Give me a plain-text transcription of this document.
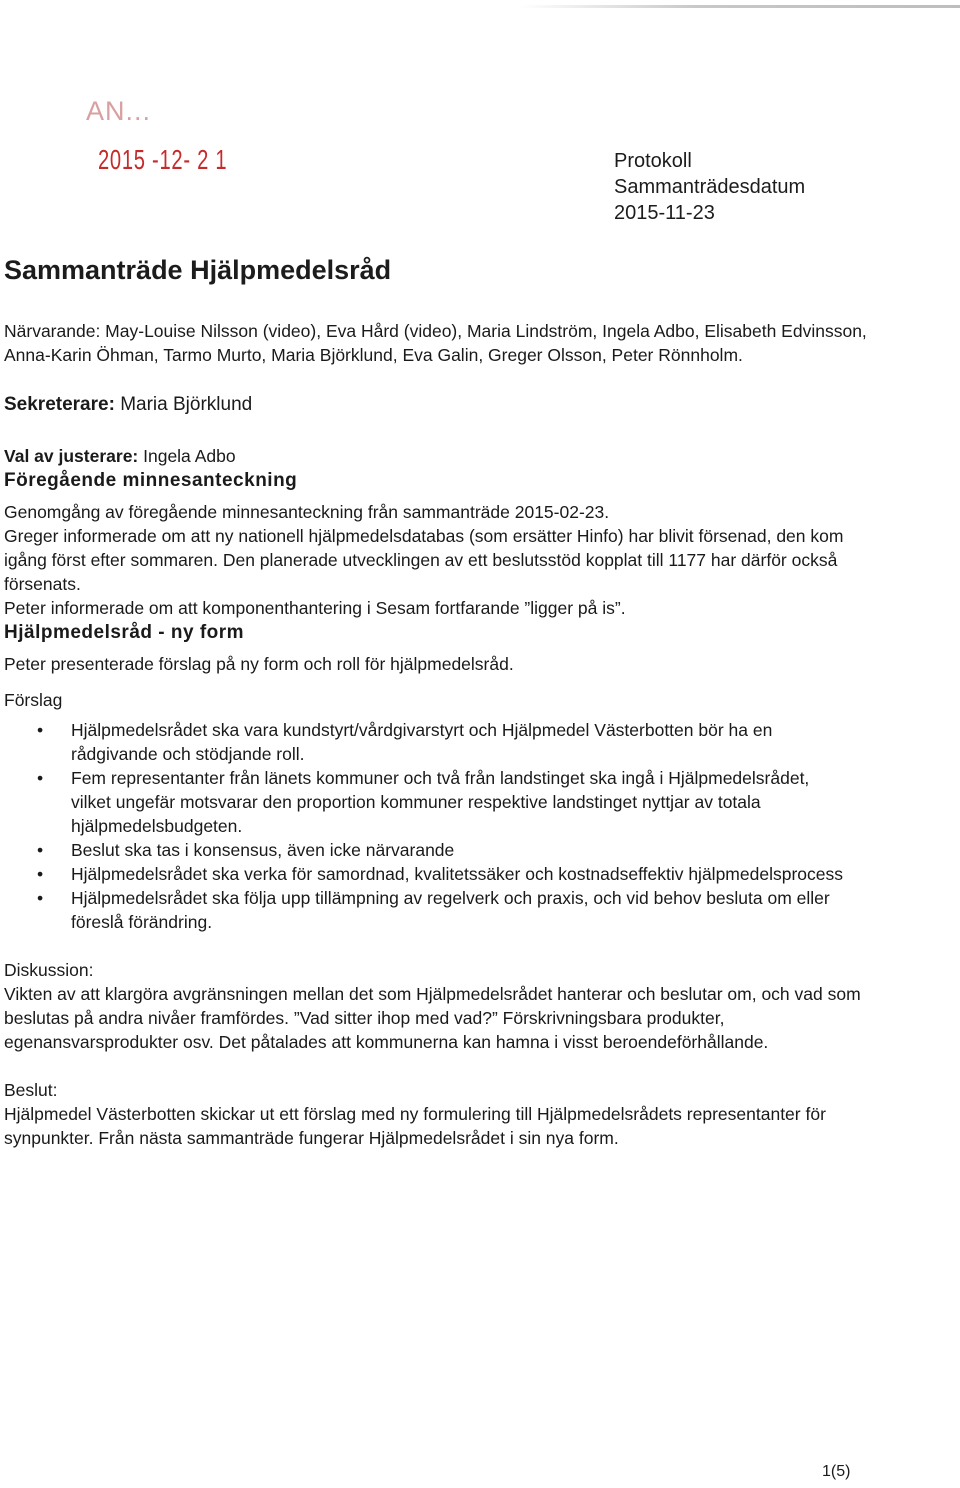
AN...
2015 -12- 2 1	Protokoll
Sammanträdesdatum
2015-11-23
Sammanträde Hjälpmedelsråd

Närvarande: May-Louise Nilsson (video), Eva Hård (video), Maria Lindström, Ingela Adbo, Elisabeth Edvinsson, Anna-Karin Öhman, Tarmo Murto, Maria Björklund, Eva Galin, Greger Olsson, Peter Rönnholm.

Sekreterare: Maria Björklund

Val av justerare: Ingela Adbo

Föregående minnesanteckning

Genomgång av föregående minnesanteckning från sammanträde 2015-02-23.

Greger informerade om att ny nationell hjälpmedelsdatabas (som ersätter Hinfo) har blivit försenad, den kom igång först efter sommaren. Den planerade utvecklingen av ett beslutsstöd kopplat till 1177 har därför också försenats.

Peter informerade om att komponenthantering i Sesam fortfarande ”ligger på is”.

Hjälpmedelsråd - ny form

Peter presenterade förslag på ny form och roll för hjälpmedelsråd.

Förslag

• Hjälpmedelsrådet ska vara kundstyrt/vårdgivarstyrt och Hjälpmedel Västerbotten bör ha en rådgivande och stödjande roll.
• Fem representanter från länets kommuner och två från landstinget ska ingå i Hjälpmedelsrådet, vilket ungefär motsvarar den proportion kommuner respektive landstinget nyttjar av totala hjälpmedelsbudgeten.
• Beslut ska tas i konsensus, även icke närvarande
• Hjälpmedelsrådet ska verka för samordnad, kvalitetssäker och kostnadseffektiv hjälpmedelsprocess
• Hjälpmedelsrådet ska följa upp tillämpning av regelverk och praxis, och vid behov besluta om eller föreslå förändring.

Diskussion:

Vikten av att klargöra avgränsningen mellan det som Hjälpmedelsrådet hanterar och beslutar om, och vad som beslutas på andra nivåer framfördes. ”Vad sitter ihop med vad?” Förskrivningsbara produkter, egenansvarsprodukter osv. Det påtalades att kommunerna kan hamna i visst beroendeförhållande.

Beslut:

Hjälpmedel Västerbotten skickar ut ett förslag med ny formulering till Hjälpmedelsrådets representanter för synpunkter. Från nästa sammanträde fungerar Hjälpmedelsrådet i sin nya form.

1(5)
